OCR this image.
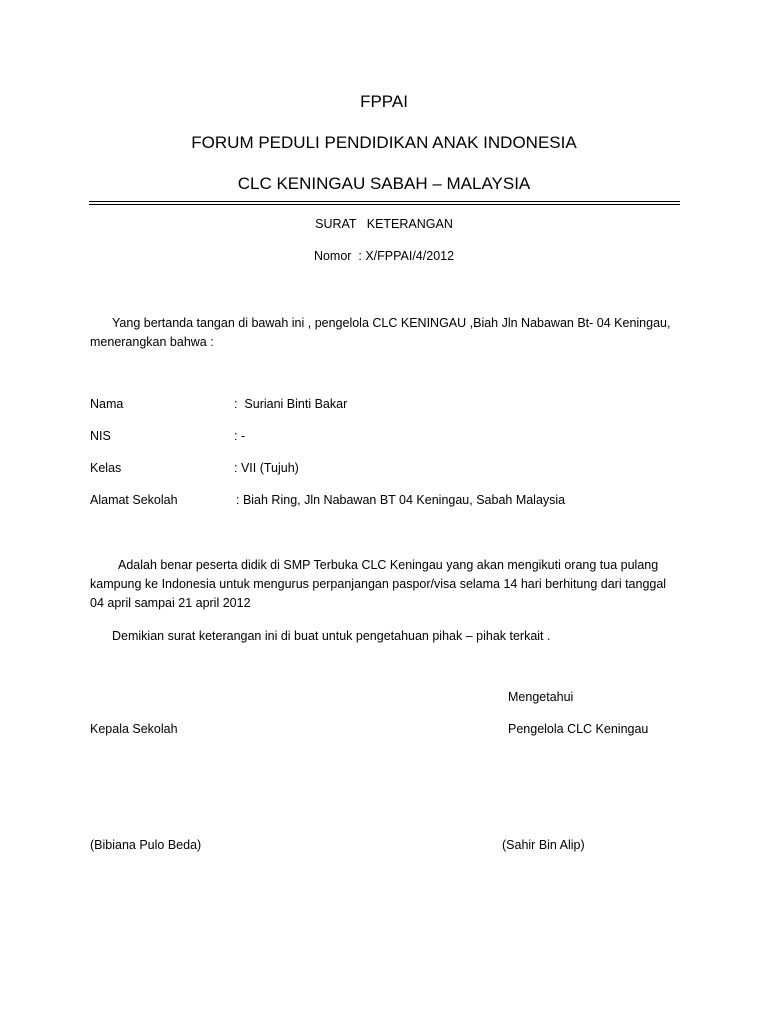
FPPAI
FORUM PEDULI PENDIDIKAN ANAK INDONESIA
CLC KENINGAU SABAH – MALAYSIA
SURAT   KETERANGAN
Nomor  : X/FPPAI/4/2012
Yang bertanda tangan di bawah ini , pengelola CLC KENINGAU ,Biah Jln Nabawan Bt- 04 Keningau, menerangkan bahwa :
Nama	:  Suriani Binti Bakar
NIS	: -
Kelas	: VII (Tujuh)
Alamat Sekolah	: Biah Ring, Jln Nabawan BT 04 Keningau, Sabah Malaysia
Adalah benar peserta didik di SMP Terbuka CLC Keningau yang akan mengikuti orang tua pulang kampung ke Indonesia untuk mengurus perpanjangan paspor/visa selama 14 hari berhitung dari tanggal 04 april sampai 21 april 2012
Demikian surat keterangan ini di buat untuk pengetahuan pihak – pihak terkait .
Mengetahui
Kepala Sekolah	Pengelola CLC Keningau
(Bibiana Pulo Beda)	(Sahir Bin Alip)
